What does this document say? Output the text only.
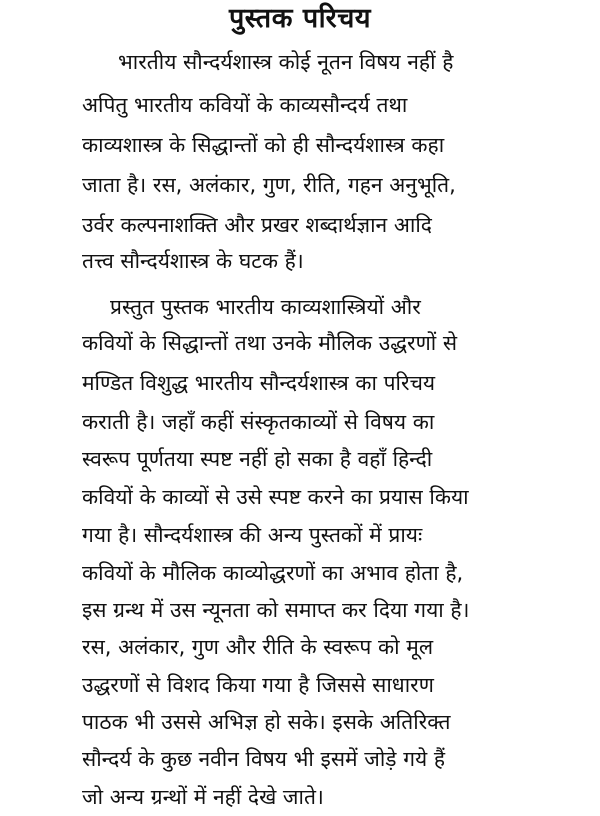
पुस्तक परिचय
भारतीय सौन्दर्यशास्त्र कोई नूतन विषय नहीं है
अपितु भारतीय कवियों के काव्यसौन्दर्य तथा
काव्यशास्त्र के सिद्धान्तों को ही सौन्दर्यशास्त्र कहा
जाता है। रस, अलंकार, गुण, रीति, गहन अनुभूति,
उर्वर कल्पनाशक्ति और प्रखर शब्दार्थज्ञान आदि
तत्त्व सौन्दर्यशास्त्र के घटक हैं।
प्रस्तुत पुस्तक भारतीय काव्यशास्त्रियों और
कवियों के सिद्धान्तों तथा उनके मौलिक उद्धरणों से
मण्डित विशुद्ध भारतीय सौन्दर्यशास्त्र का परिचय
कराती है। जहाँ कहीं संस्कृतकाव्यों से विषय का
स्वरूप पूर्णतया स्पष्ट नहीं हो सका है वहाँ हिन्दी
कवियों के काव्यों से उसे स्पष्ट करने का प्रयास किया
गया है। सौन्दर्यशास्त्र की अन्य पुस्तकों में प्रायः
कवियों के मौलिक काव्योद्धरणों का अभाव होता है,
इस ग्रन्थ में उस न्यूनता को समाप्त कर दिया गया है।
रस, अलंकार, गुण और रीति के स्वरूप को मूल
उद्धरणों से विशद किया गया है जिससे साधारण
पाठक भी उससे अभिज्ञ हो सके। इसके अतिरिक्त
सौन्दर्य के कुछ नवीन विषय भी इसमें जोड़े गये हैं
जो अन्य ग्रन्थों में नहीं देखे जाते।
